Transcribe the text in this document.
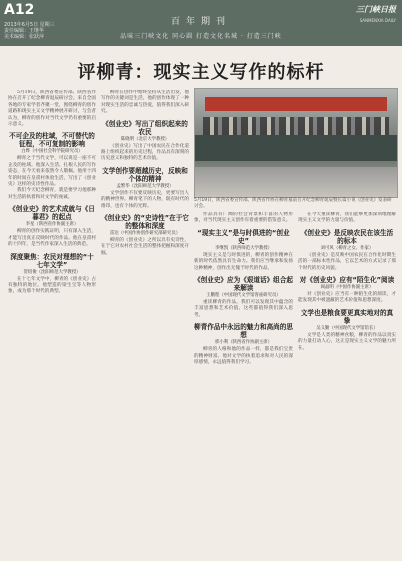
A12
2013年6月5日 星期三
责任编辑：王继华
美术编辑：张跃萍
百年期刊
品味三门峡文化 同心圆 打造文化名城 · 打造三门峡
三门峡日报
SANMENXIA DAILY
评柳青：现实主义写作的标杆
5月19日，陕西省委宣传部、陕西省作协在柳青墓前召开纪念柳青诞辰暨长篇小说《创业史》发表研讨会。

5月19日，陕西省委宣传部、陕西省作协在召开了纪念柳青诞辰研讨会。来自全国各地的专家学者齐聚一堂，围绕柳青的创作道路和现实主义文学精神展开研讨，与会者认为，柳青的创作对当代文学仍有重要的启示意义。

不可企及的柱域，不可替代的征程，不可复制的影响
白烨（中国社会科学院研究员）

柳青之于当代文学，可以说是一座不可企及的柱域。他深入生活、扎根人民的写作姿态，在今天看来依然令人敬佩。他用十四年的时间在皇甫村体验生活，写出了《创业史》这样的史诗性作品。

我们今天纪念柳青，就是要学习他那种对生活的执着和对文学的虔诚。

《创业史》的艺术成就与《日暮君》的起点
李星（陕西省作协副主席）

柳青的创作实践证明，只有深入生活，才能写出真正反映时代的作品。他在皇甫村的十四年，是当代作家深入生活的典范。

深度聚焦：农民对理想的“十七年文学”
贺绍俊（沈阳师范大学教授）

在十七年文学中，柳青的《创业史》占有独特的地位。他塑造的梁生宝等人物形象，成为那个时代的典型。

柳青在创作中始终坚持从生活出发，他写作的关键词是生活，他的创作体现了一种对现实生活的忠诚与热爱，值得我们深入研究。

《创业史》写出了组织起来的农民
陈晓明（北京大学教授）

《创业史》写出了中国农民在合作化道路上组织起来的历史过程，作品具有深刻的历史意义和独特的艺术价值。

文学创作要超越历史，反映和个体的精神
孟繁华（沈阳师范大学教授）

文学创作不仅要反映历史，更要写出人的精神世界。柳青笔下的人物，既有时代的烙印，也有个体的光辉。

《创业史》的“史诗性”在于它的整体和深度
雷达（中国作协创作研究部研究员）

柳青的《创业史》之所以具有史诗性，在于它对农村社会生活的整体把握和深度开掘。

作品具有广阔的社会背景和丰富的人物形象，对当代现实主义创作有着重要的借鉴意义。

“现实主义”是与时俱进的“创业史”
李继凯（陕西师范大学教授）

现实主义是与时俱进的，柳青的创作精神在新的时代依然具有生命力。我们应当继承和发扬这种精神，创作出无愧于时代的作品。

《创业史》应为《艰道话》组合起来解读
王鹏程（中国现代文学馆客座研究员）

重读柳青的作品，我们可以发现其中蕴含的丰富思想和艺术价值，这些都值得我们深入思考。

柳青作品中永远的魅力和高尚的思想
邢小利（陕西省作协副主席）

柳青的人格和他的作品一样，都是我们宝贵的精神财富。他对文学的执着追求和对人民的深厚感情，永远值得我们学习。

在今天重读柳青，我们能够更加深刻地理解现实主义文学的力量与价值。

《创业史》是反映农民在该生活的标本
刘可风（柳青之女、作家）

《创业史》是反映中国农民在合作化时期生活的一部标本性作品，它以艺术的方式记录了那个时代的历史风貌。

对《创业史》应有“陌生化”阅读
阎晶明（中国作协副主席）

对《创业史》应当有一种陌生化的阅读，才能发现其中被遮蔽的艺术价值和思想深度。

文学也是粮食要更真实地对的真挚
吴义勤（中国现代文学馆馆长）

文学是人类的精神食粮，柳青的作品以真实的力量打动人心，这正是现实主义文学的魅力所在。
